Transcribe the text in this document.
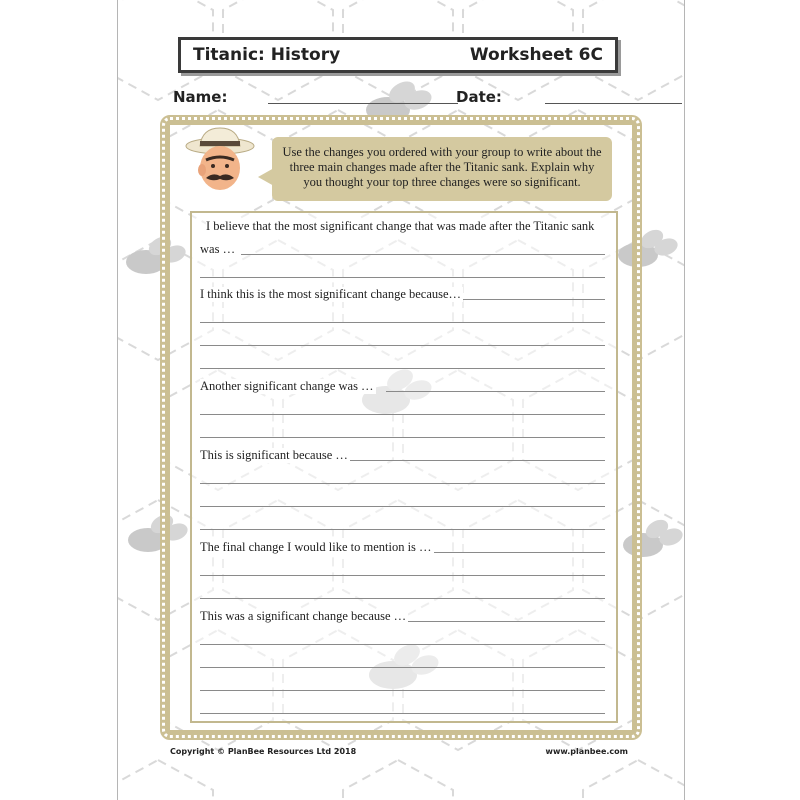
Titanic: History	Worksheet 6C
Name:	Date:
Use the changes you ordered with your group to write about the three main changes made after the Titanic sank. Explain why you thought your top three changes were so significant.
I believe that the most significant change that was made after the Titanic sank
was …
I think this is the most significant change because…
Another significant change was …
This is significant because …
The final change I would like to mention is …
This was a significant change because …
Copyright © PlanBee Resources Ltd 2018	www.planbee.com
